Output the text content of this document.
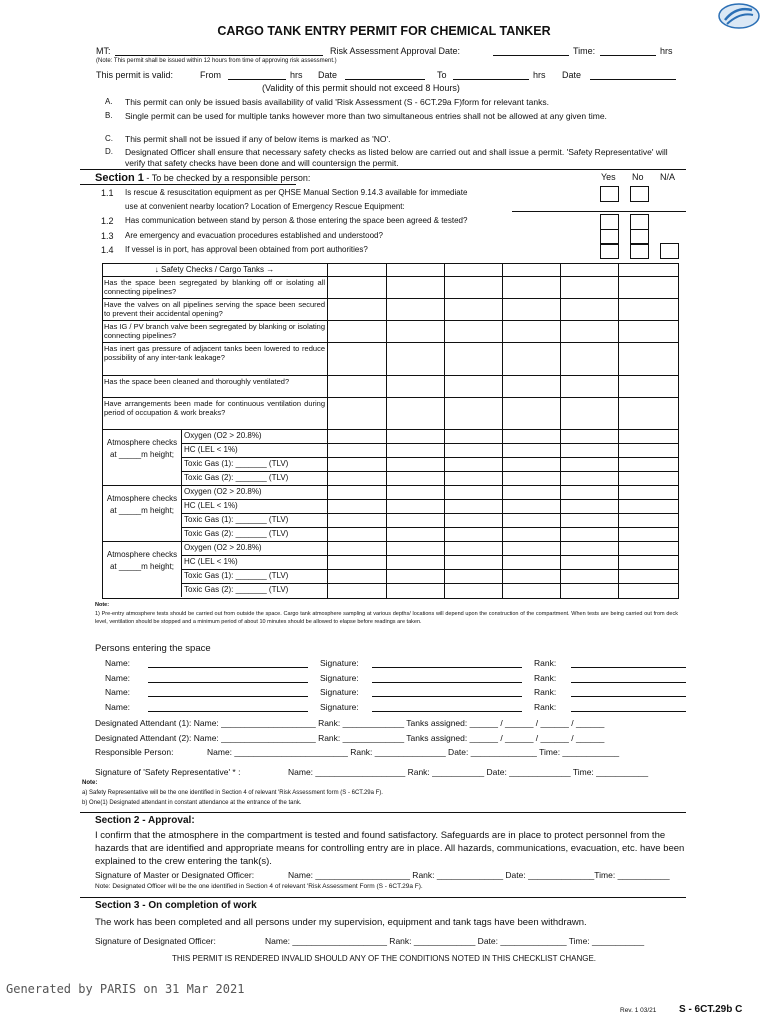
CARGO TANK ENTRY PERMIT FOR CHEMICAL TANKER
MT:	Risk Assessment Approval Date:	Time:	hrs
(Note: This permit shall be issued within 12 hours from time of approving risk assessment.)
This permit is valid:	From	hrs Date	To	hrs Date
(Validity of this permit should not exceed 8 Hours)
A. This permit can only be issued basis availability of valid 'Risk Assessment (S - 6CT.29a F)form for relevant tanks.
B. Single permit can be used for multiple tanks however more than two simultaneous entries shall not be allowed at any given time.
C. This permit shall not be issued if any of below items is marked as 'NO'.
D. Designated Officer shall ensure that necessary safety checks as listed below are carried out and shall issue a permit. 'Safety Representative' will verify that safety checks have been done and will countersign the permit.
Section 1 - To be checked by a responsible person:	Yes No N/A
1.1 Is rescue & resuscitation equipment as per QHSE Manual Section 9.14.3 available for immediate
use at convenient nearby location? Location of Emergency Rescue Equipment:
1.2 Has communication between stand by person & those entering the space been agreed & tested?
1.3 Are emergency and evacuation procedures established and understood?
1.4 If vessel is in port, has approval been obtained from port authorities?
↓ Safety Checks / Cargo Tanks →
Has the space been segregated by blanking off or isolating all connecting pipelines?
Have the valves on all pipelines serving the space been secured to prevent their accidental opening?
Has IG / PV branch valve been segregated by blanking or isolating connecting pipelines?
Has inert gas pressure of adjacent tanks been lowered to reduce possibility of any inter-tank leakage?
Has the space been cleaned and thoroughly ventilated?
Have arrangements been made for continuous ventilation during period of occupation & work breaks?
Atmosphere checks at _____m height;
Oxygen (O2 > 20.8%)
HC (LEL < 1%)
Toxic Gas (1): _______ (TLV)
Toxic Gas (2): _______ (TLV)
Atmosphere checks at _____m height;
Oxygen (O2 > 20.8%)
HC (LEL < 1%)
Toxic Gas (1): _______ (TLV)
Toxic Gas (2): _______ (TLV)
Atmosphere checks at _____m height;
Oxygen (O2 > 20.8%)
HC (LEL < 1%)
Toxic Gas (1): _______ (TLV)
Toxic Gas (2): _______ (TLV)
Note:
1) Pre-entry atmosphere tests should be carried out from outside the space. Cargo tank atmosphere sampling at various depths/ locations will depend upon the construction of the compartment. When tests are being carried out from deck level, ventilation should be stopped and a minimum period of about 10 minutes should be allowed to elapse before readings are taken.
Persons entering the space
Name:	Signature:	Rank:
Name:	Signature:	Rank:
Name:	Signature:	Rank:
Name:	Signature:	Rank:
Designated Attendant (1): Name: ____________________ Rank: _____________ Tanks assigned: ______ / ______ / ______ / ______
Designated Attendant (2): Name: ____________________ Rank: _____________ Tanks assigned: ______ / ______ / ______ / ______
Responsible Person:	Name: ________________________ Rank: _______________ Date: ______________ Time: ____________
Signature of 'Safety Representative' * :	Name: ___________________ Rank: ___________ Date: _____________ Time: ___________
Note:
a) Safety Representative will be the one identified in Section 4 of relevant 'Risk Assessment form (S - 6CT.29a F).
b) One(1) Designated attendant in constant attendance at the entrance of the tank.
Section 2 - Approval:
I confirm that the atmosphere in the compartment is tested and found satisfactory. Safeguards are in place to protect personnel from the hazards that are identified and appropriate means for controlling entry are in place. All hazards, communications, evacuation, etc. have been explained to the crew entering the tank(s).
Signature of Master or Designated Officer:	Name: ____________________ Rank: ______________ Date: ______________Time: ___________
Note: Designated Officer will be the one identified in Section 4 of relevant 'Risk Assessment Form (S - 6CT.29a F).
Section 3 - On completion of work
The work has been completed and all persons under my supervision, equipment and tank tags have been withdrawn.
Signature of Designated Officer:	Name: ____________________ Rank: _____________ Date: ______________ Time: ___________
THIS PERMIT IS RENDERED INVALID SHOULD ANY OF THE CONDITIONS NOTED IN THIS CHECKLIST CHANGE.
Generated by PARIS on 31 Mar 2021
Rev. 1 03/21 S - 6CT.29b C
